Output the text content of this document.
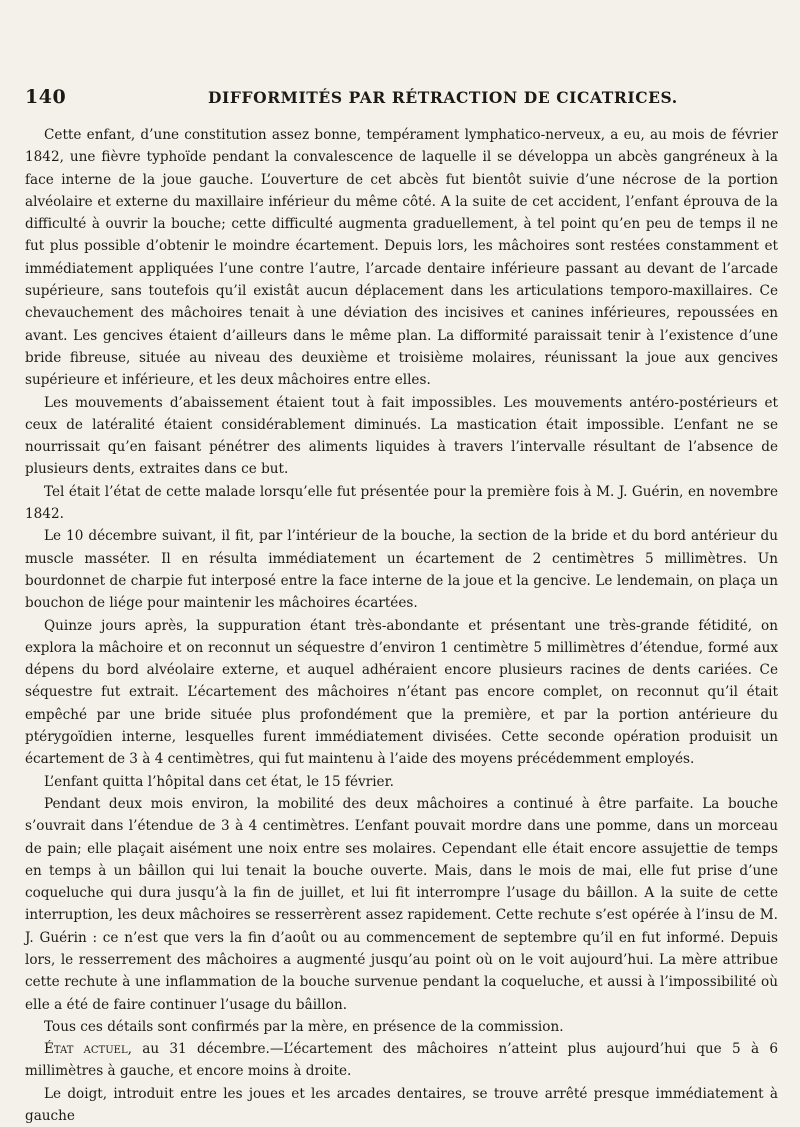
140	DIFFORMITÉS PAR RÉTRACTION DE CICATRICES.

Cette enfant, d’une constitution assez bonne, tempérament lymphatico-nerveux, a eu, au mois de février 1842, une fièvre typhoïde pendant la convalescence de laquelle il se développa un abcès gangréneux à la face interne de la joue gauche. L’ouverture de cet abcès fut bientôt suivie d’une nécrose de la portion alvéolaire et externe du maxillaire inférieur du même côté. A la suite de cet accident, l’enfant éprouva de la difficulté à ouvrir la bouche; cette difficulté augmenta graduellement, à tel point qu’en peu de temps il ne fut plus possible d’obtenir le moindre écartement. Depuis lors, les mâchoires sont restées constamment et immédiatement appliquées l’une contre l’autre, l’arcade dentaire inférieure passant au devant de l’arcade supérieure, sans toutefois qu’il existât aucun déplacement dans les articulations temporo-maxillaires. Ce chevauchement des mâchoires tenait à une déviation des incisives et canines inférieures, repoussées en avant. Les gencives étaient d’ailleurs dans le même plan. La difformité paraissait tenir à l’existence d’une bride fibreuse, située au niveau des deuxième et troisième molaires, réunissant la joue aux gencives supérieure et inférieure, et les deux mâchoires entre elles.

Les mouvements d’abaissement étaient tout à fait impossibles. Les mouvements antéro-postérieurs et ceux de latéralité étaient considérablement diminués. La mastication était impossible. L’enfant ne se nourrissait qu’en faisant pénétrer des aliments liquides à travers l’intervalle résultant de l’absence de plusieurs dents, extraites dans ce but.

Tel était l’état de cette malade lorsqu’elle fut présentée pour la première fois à M. J. Guérin, en novembre 1842.

Le 10 décembre suivant, il fit, par l’intérieur de la bouche, la section de la bride et du bord antérieur du muscle masséter. Il en résulta immédiatement un écartement de 2 centimètres 5 millimètres. Un bourdonnet de charpie fut interposé entre la face interne de la joue et la gencive. Le lendemain, on plaça un bouchon de liége pour maintenir les mâchoires écartées.

Quinze jours après, la suppuration étant très-abondante et présentant une très-grande fétidité, on explora la mâchoire et on reconnut un séquestre d’environ 1 centimètre 5 millimètres d’étendue, formé aux dépens du bord alvéolaire externe, et auquel adhéraient encore plusieurs racines de dents cariées. Ce séquestre fut extrait. L’écartement des mâchoires n’étant pas encore complet, on reconnut qu’il était empêché par une bride située plus profondément que la première, et par la portion antérieure du ptérygoïdien interne, lesquelles furent immédiatement divisées. Cette seconde opération produisit un écartement de 3 à 4 centimètres, qui fut maintenu à l’aide des moyens précédemment employés.

L’enfant quitta l’hôpital dans cet état, le 15 février.

Pendant deux mois environ, la mobilité des deux mâchoires a continué à être parfaite. La bouche s’ouvrait dans l’étendue de 3 à 4 centimètres. L’enfant pouvait mordre dans une pomme, dans un morceau de pain; elle plaçait aisément une noix entre ses molaires. Cependant elle était encore assujettie de temps en temps à un bâillon qui lui tenait la bouche ouverte. Mais, dans le mois de mai, elle fut prise d’une coqueluche qui dura jusqu’à la fin de juillet, et lui fit interrompre l’usage du bâillon. A la suite de cette interruption, les deux mâchoires se resserrèrent assez rapidement. Cette rechute s’est opérée à l’insu de M. J. Guérin : ce n’est que vers la fin d’août ou au commencement de septembre qu’il en fut informé. Depuis lors, le resserrement des mâchoires a augmenté jusqu’au point où on le voit aujourd’hui. La mère attribue cette rechute à une inflammation de la bouche survenue pendant la coqueluche, et aussi à l’impossibilité où elle a été de faire continuer l’usage du bâillon.

Tous ces détails sont confirmés par la mère, en présence de la commission.

État actuel, au 31 décembre.—L’écartement des mâchoires n’atteint plus aujourd’hui que 5 à 6 millimètres à gauche, et encore moins à droite.

Le doigt, introduit entre les joues et les arcades dentaires, se trouve arrêté presque immédiatement à gauche
